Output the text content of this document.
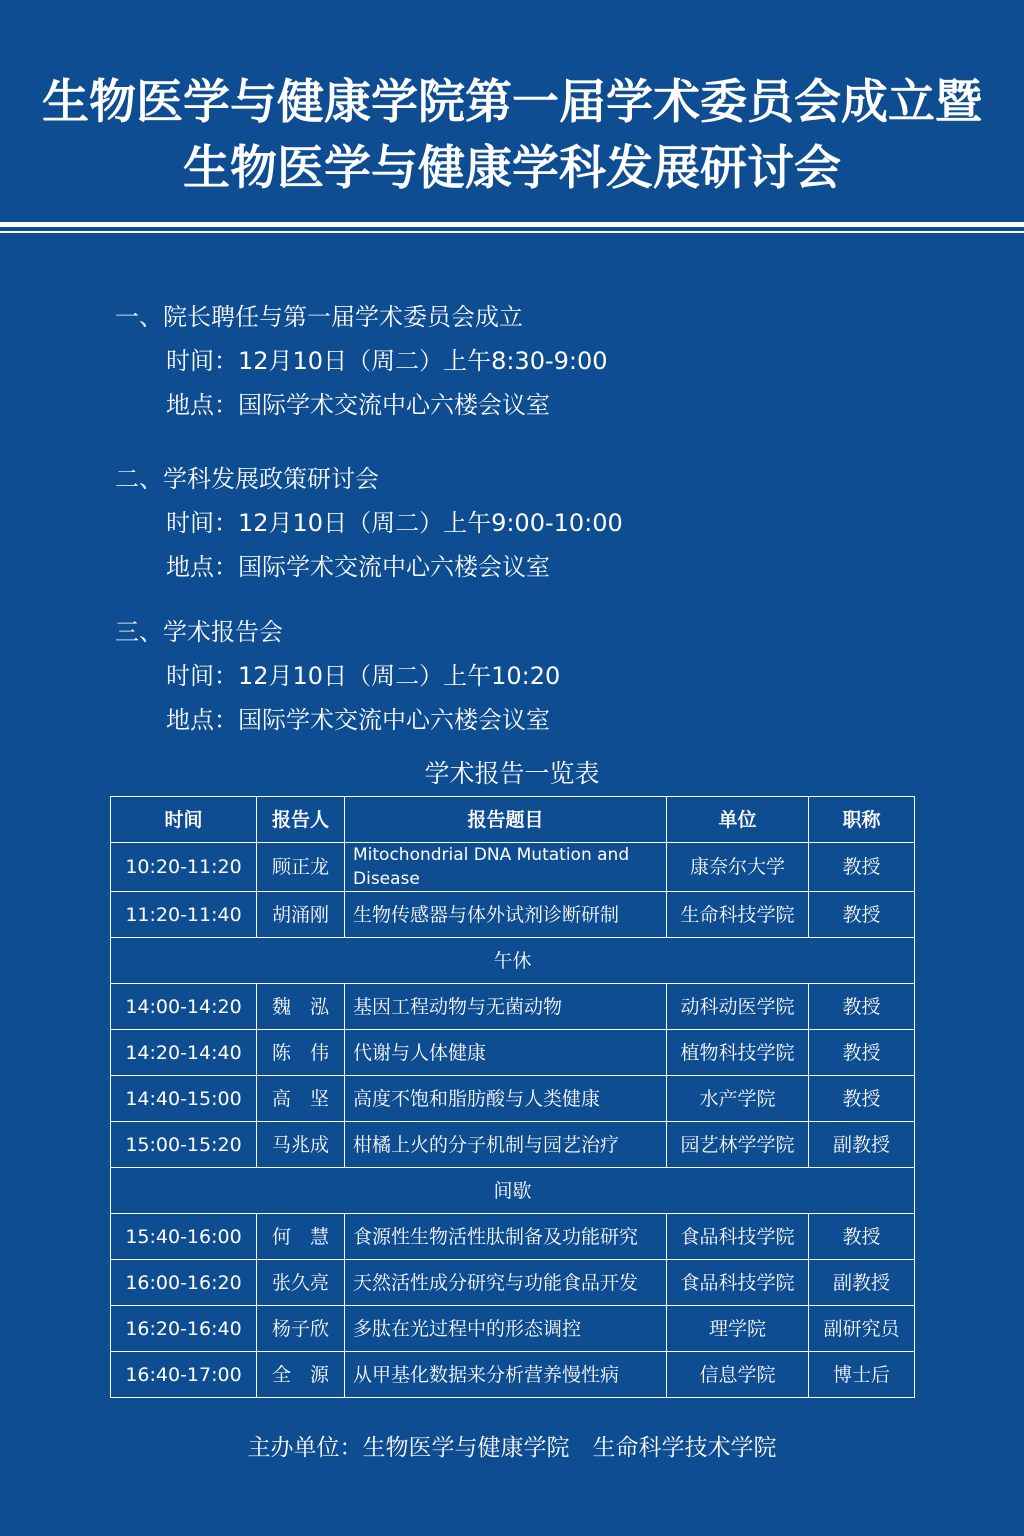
生物医学与健康学院第一届学术委员会成立暨
生物医学与健康学科发展研讨会
一、院长聘任与第一届学术委员会成立
时间：12月10日（周二）上午8:30-9:00
地点：国际学术交流中心六楼会议室
二、学科发展政策研讨会
时间：12月10日（周二）上午9:00-10:00
地点：国际学术交流中心六楼会议室
三、学术报告会
时间：12月10日（周二）上午10:20
地点：国际学术交流中心六楼会议室
学术报告一览表
时间	报告人	报告题目	单位	职称
10:20-11:20	顾正龙	Mitochondrial DNA Mutation and Disease	康奈尔大学	教授
11:20-11:40	胡涌刚	生物传感器与体外试剂诊断研制	生命科技学院	教授
午休				
14:00-14:20	魏　泓	基因工程动物与无菌动物	动科动医学院	教授
14:20-14:40	陈　伟	代谢与人体健康	植物科技学院	教授
14:40-15:00	高　坚	高度不饱和脂肪酸与人类健康	水产学院	教授
15:00-15:20	马兆成	柑橘上火的分子机制与园艺治疗	园艺林学学院	副教授
间歇				
15:40-16:00	何　慧	食源性生物活性肽制备及功能研究	食品科技学院	教授
16:00-16:20	张久亮	天然活性成分研究与功能食品开发	食品科技学院	副教授
16:20-16:40	杨子欣	多肽在光过程中的形态调控	理学院	副研究员
16:40-17:00	全　源	从甲基化数据来分析营养慢性病	信息学院	博士后
主办单位：生物医学与健康学院　生命科学技术学院
